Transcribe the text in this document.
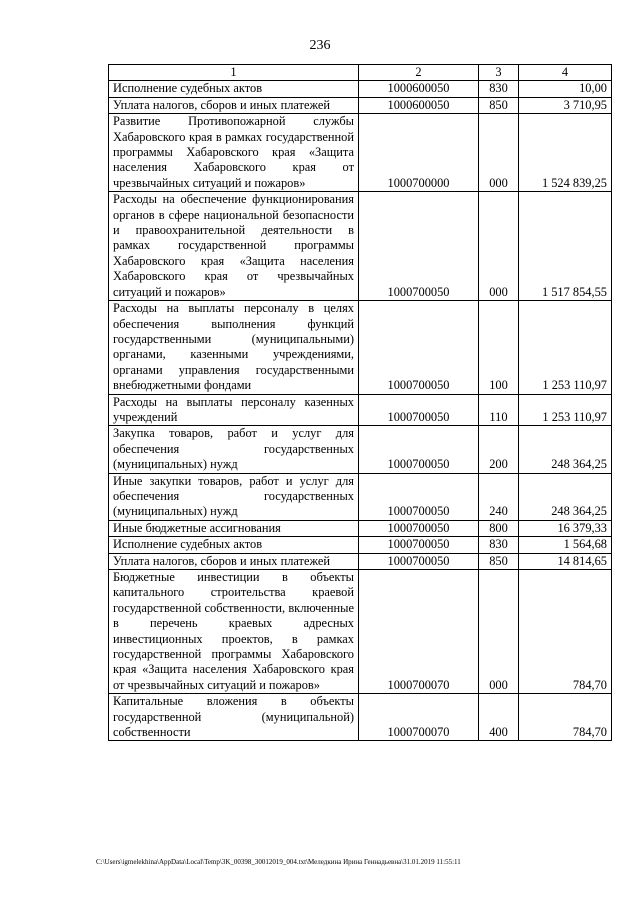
236
1	2	3	4
Исполнение судебных актов	1000600050	830	10,00
Уплата налогов, сборов и иных платежей	1000600050	850	3 710,95
Развитие Противопожарной службы Хабаровского края в рамках государственной программы Хабаровского края «Защита населения Хабаровского края от чрезвычайных ситуаций и пожаров»	1000700000	000	1 524 839,25
Расходы на обеспечение функционирования органов в сфере национальной безопасности и правоохранительной деятельности в рамках государственной программы Хабаровского края «Защита населения Хабаровского края от чрезвычайных ситуаций и пожаров»	1000700050	000	1 517 854,55
Расходы на выплаты персоналу в целях обеспечения выполнения функций государственными (муниципальными) органами, казенными учреждениями, органами управления государственными внебюджетными фондами	1000700050	100	1 253 110,97
Расходы на выплаты персоналу казенных учреждений	1000700050	110	1 253 110,97
Закупка товаров, работ и услуг для обеспечения государственных (муниципальных) нужд	1000700050	200	248 364,25
Иные закупки товаров, работ и услуг для обеспечения государственных (муниципальных) нужд	1000700050	240	248 364,25
Иные бюджетные ассигнования	1000700050	800	16 379,33
Исполнение судебных актов	1000700050	830	1 564,68
Уплата налогов, сборов и иных платежей	1000700050	850	14 814,65
Бюджетные инвестиции в объекты капитального строительства краевой государственной собственности, включенные в перечень краевых адресных инвестиционных проектов, в рамках государственной программы Хабаровского края «Защита населения Хабаровского края от чрезвычайных ситуаций и пожаров»	1000700070	000	784,70
Капитальные вложения в объекты государственной (муниципальной) собственности	1000700070	400	784,70
C:\Users\igmelekhina\AppData\Local\Temp\3K_00398_30012019_004.txt\Меледкина Ирина Геннадьевна\31.01.2019 11:55:11
